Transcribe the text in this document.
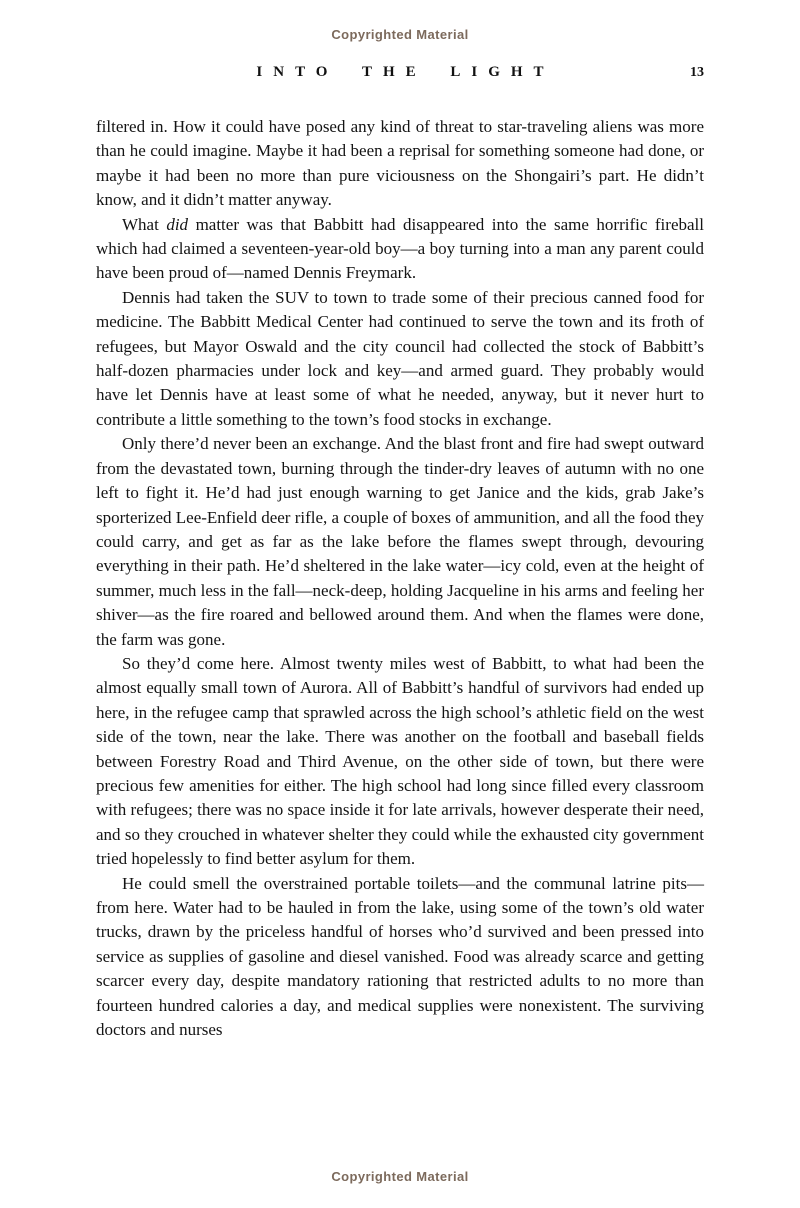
Copyrighted Material
INTO THE LIGHT	13

filtered in. How it could have posed any kind of threat to star-traveling aliens was more than he could imagine. Maybe it had been a reprisal for something someone had done, or maybe it had been no more than pure viciousness on the Shongairi’s part. He didn’t know, and it didn’t matter anyway.

What did matter was that Babbitt had disappeared into the same horrific fireball which had claimed a seventeen-year-old boy—a boy turning into a man any parent could have been proud of—named Dennis Freymark.

Dennis had taken the SUV to town to trade some of their precious canned food for medicine. The Babbitt Medical Center had continued to serve the town and its froth of refugees, but Mayor Oswald and the city council had collected the stock of Babbitt’s half-dozen pharmacies under lock and key—and armed guard. They probably would have let Dennis have at least some of what he needed, anyway, but it never hurt to contribute a little something to the town’s food stocks in exchange.

Only there’d never been an exchange. And the blast front and fire had swept outward from the devastated town, burning through the tinder-dry leaves of autumn with no one left to fight it. He’d had just enough warning to get Janice and the kids, grab Jake’s sporterized Lee-Enfield deer rifle, a couple of boxes of ammunition, and all the food they could carry, and get as far as the lake before the flames swept through, devouring everything in their path. He’d sheltered in the lake water—icy cold, even at the height of summer, much less in the fall—neck-deep, holding Jacqueline in his arms and feeling her shiver—as the fire roared and bellowed around them. And when the flames were done, the farm was gone.

So they’d come here. Almost twenty miles west of Babbitt, to what had been the almost equally small town of Aurora. All of Babbitt’s handful of survivors had ended up here, in the refugee camp that sprawled across the high school’s athletic field on the west side of the town, near the lake. There was another on the football and baseball fields between Forestry Road and Third Avenue, on the other side of town, but there were precious few amenities for either. The high school had long since filled every classroom with refugees; there was no space inside it for late arrivals, however desperate their need, and so they crouched in whatever shelter they could while the exhausted city government tried hopelessly to find better asylum for them.

He could smell the overstrained portable toilets—and the communal latrine pits—from here. Water had to be hauled in from the lake, using some of the town’s old water trucks, drawn by the priceless handful of horses who’d survived and been pressed into service as supplies of gasoline and diesel vanished. Food was already scarce and getting scarcer every day, despite mandatory rationing that restricted adults to no more than fourteen hundred calories a day, and medical supplies were nonexistent. The surviving doctors and nurses

Copyrighted Material
